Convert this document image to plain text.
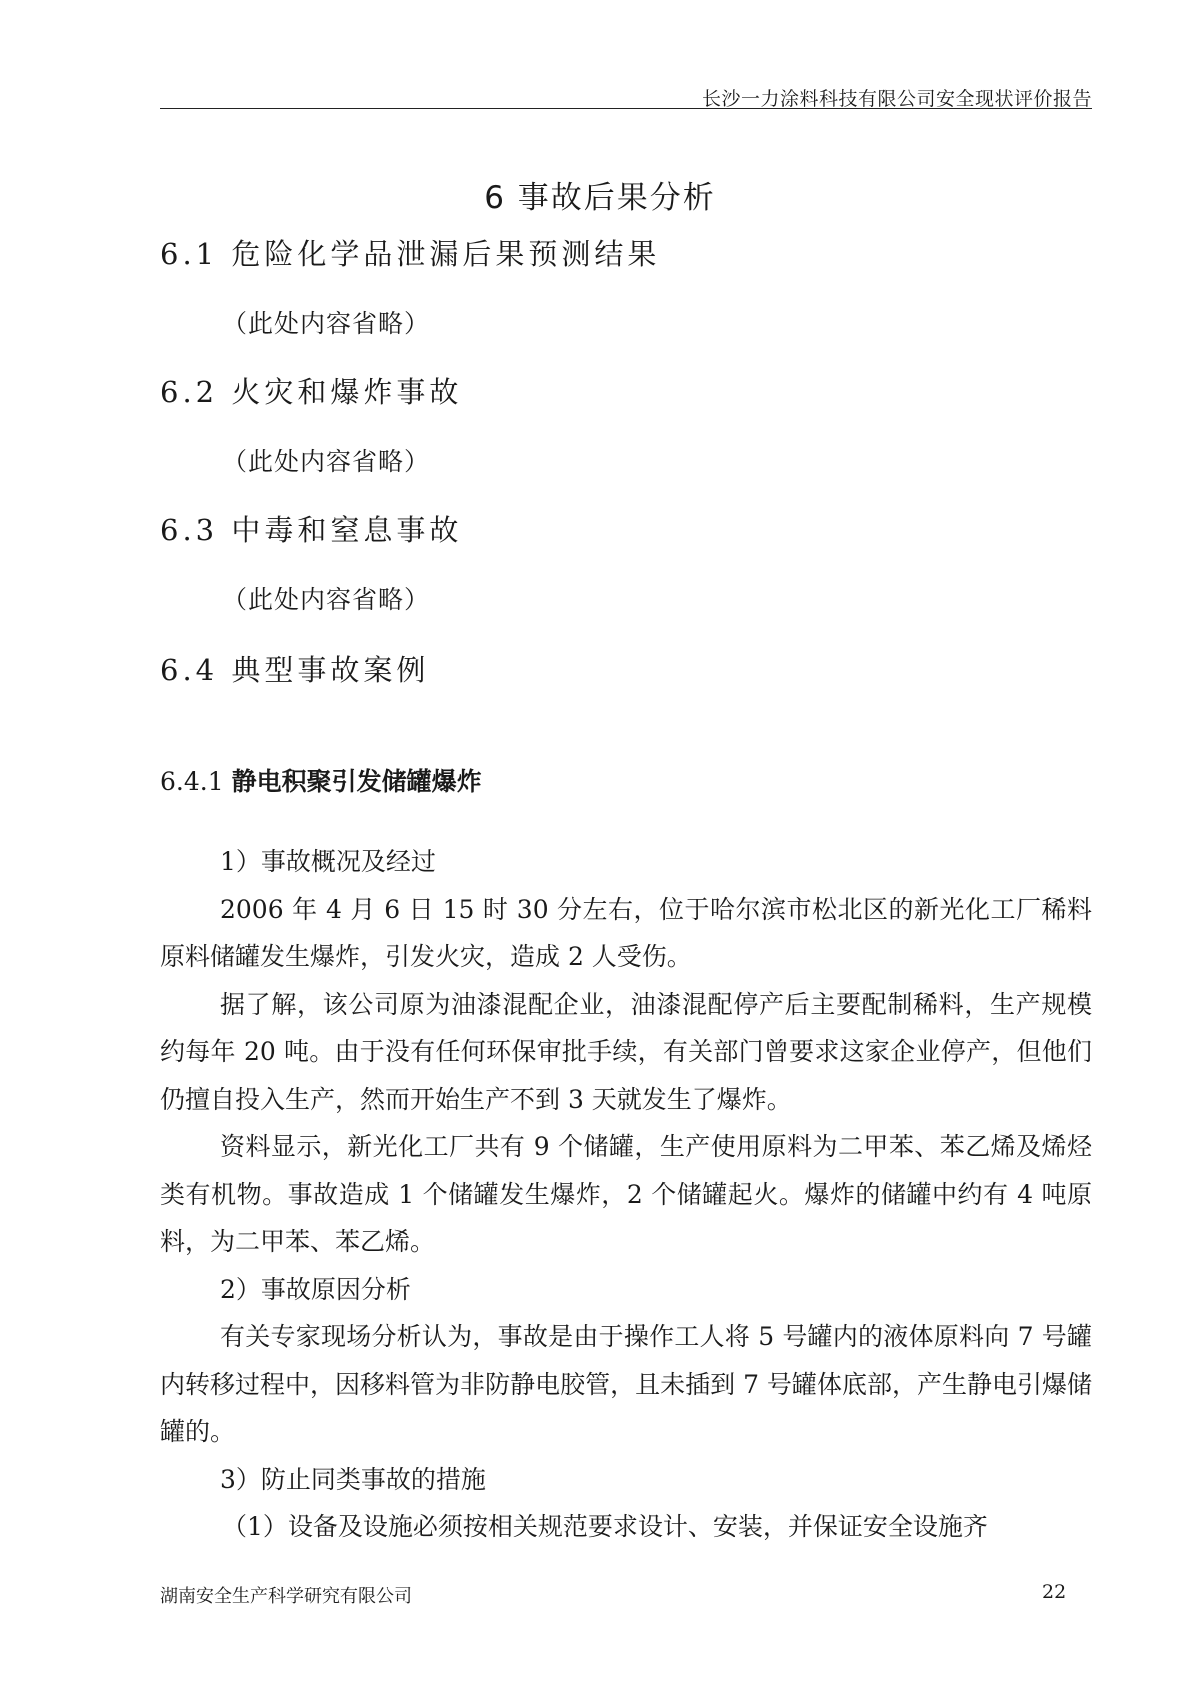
长沙一力涂料科技有限公司安全现状评价报告
6 事故后果分析
6.1 危险化学品泄漏后果预测结果
（此处内容省略）
6.2 火灾和爆炸事故
（此处内容省略）
6.3 中毒和窒息事故
（此处内容省略）
6.4 典型事故案例
6.4.1 静电积聚引发储罐爆炸

1）事故概况及经过

2006 年 4 月 6 日 15 时 30 分左右，位于哈尔滨市松北区的新光化工厂稀料原料储罐发生爆炸，引发火灾，造成 2 人受伤。

据了解，该公司原为油漆混配企业，油漆混配停产后主要配制稀料，生产规模约每年 20 吨。由于没有任何环保审批手续，有关部门曾要求这家企业停产，但他们仍擅自投入生产，然而开始生产不到 3 天就发生了爆炸。

资料显示，新光化工厂共有 9 个储罐，生产使用原料为二甲苯、苯乙烯及烯烃类有机物。事故造成 1 个储罐发生爆炸，2 个储罐起火。爆炸的储罐中约有 4 吨原料，为二甲苯、苯乙烯。

2）事故原因分析

有关专家现场分析认为，事故是由于操作工人将 5 号罐内的液体原料向 7 号罐内转移过程中，因移料管为非防静电胶管，且未插到 7 号罐体底部，产生静电引爆储罐的。

3）防止同类事故的措施

（1）设备及设施必须按相关规范要求设计、安装，并保证安全设施齐

湖南安全生产科学研究有限公司	22
